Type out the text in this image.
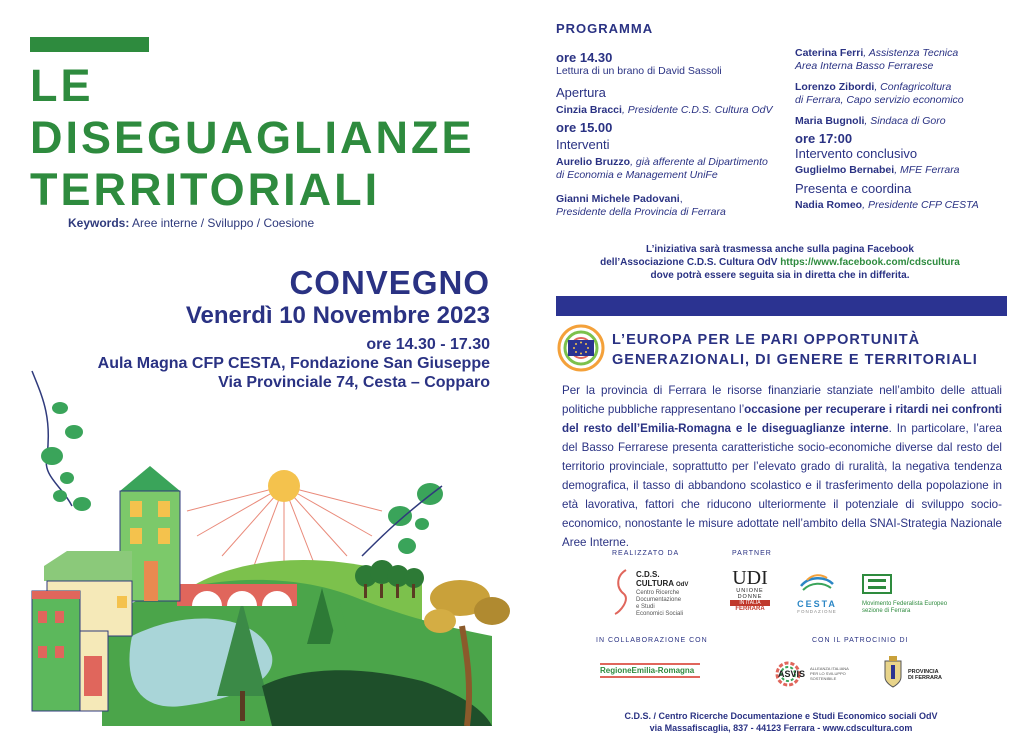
LE
DISEGUAGLIANZE
TERRITORIALI
Keywords: Aree interne / Sviluppo / Coesione
CONVEGNO
Venerdì 10 Novembre 2023
ore 14.30 - 17.30
Aula Magna CFP CESTA, Fondazione San Giuseppe
Via Provinciale 74, Cesta – Copparo
PROGRAMMA
ore 14.30
Lettura di un brano di David Sassoli
Apertura
Cinzia Bracci, Presidente C.D.S. Cultura OdV
ore 15.00
Interventi
Aurelio Bruzzo, già afferente al Dipartimento
di Economia e Management UniFe
Gianni Michele Padovani,
Presidente della Provincia di Ferrara
Caterina Ferri, Assistenza Tecnica
Area Interna Basso Ferrarese
Lorenzo Zibordi, Confagricoltura
di Ferrara, Capo servizio economico
Maria Bugnoli, Sindaca di Goro
ore 17:00
Intervento conclusivo
Guglielmo Bernabei, MFE Ferrara
Presenta e coordina
Nadia Romeo, Presidente CFP CESTA
L’iniziativa sarà trasmessa anche sulla pagina Facebook
dell’Associazione C.D.S. Cultura OdV https://www.facebook.com/cdscultura
dove potrà essere seguita sia in diretta che in differita.
L’EUROPA PER LE PARI OPPORTUNITÀ
GENERAZIONALI, DI GENERE E TERRITORIALI
Per la provincia di Ferrara le risorse finanziarie stanziate nell’ambito delle attuali politiche pubbliche rappresentano l’occasione per recuperare i ritardi nei confronti del resto dell’Emilia-Romagna e le diseguaglianze interne. In particolare, l’area del Basso Ferrarese presenta caratteristiche socio-economiche diverse dal resto del territorio provinciale, soprattutto per l’elevato grado di ruralità, la negativa tendenza demografica, il tasso di abbandono scolastico e il trasferimento della popolazione in età lavorativa, fattori che riducono ulteriormente il potenziale di sviluppo socio-economico, nonostante le misure adottate nell’ambito della SNAI-Strategia Nazionale Aree Interne.
REALIZZATO DA	PARTNER
C.D.S.
CULTURA OdV
Centro Ricerche
Documentazione
e Studi
Economici Sociali
UDI
UNIONE
DONNE
IN ITALIA
FERRARA	CESTA
FONDAZIONE
Movimento Federalista Europeo
sezione di Ferrara
IN COLLABORAZIONE CON	CON IL PATROCINIO DI
RegioneEmilia-Romagna	ASVIS
ALLEANZA ITALIANA
PER LO SVILUPPO
SOSTENIBILE
PROVINCIA
DI FERRARA
C.D.S. / Centro Ricerche Documentazione e Studi Economico sociali OdV
via Massafiscaglia, 837 - 44123 Ferrara - www.cdscultura.com
